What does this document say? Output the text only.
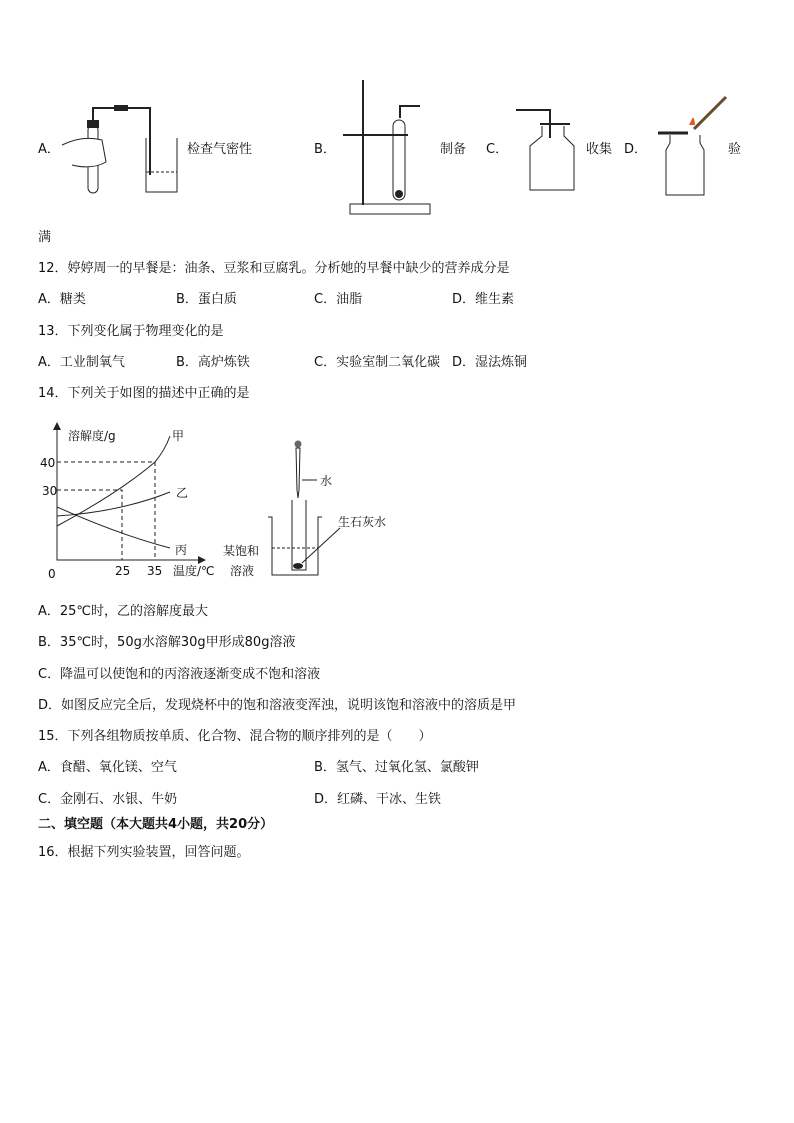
A．	检查气密性	B．	制备 C．	收集 D．	验
满
12．婷婷周一的早餐是：油条、豆浆和豆腐乳。分析她的早餐中缺少的营养成分是
A．糖类	B．蛋白质	C．油脂	D．维生素
13．下列变化属于物理变化的是
A．工业制氧气	B．高炉炼铁	C．实验室制二氧化碳 D．湿法炼铜
14．下列关于如图的描述中正确的是
溶解度/g
0
40
30
25 35 温度/℃
甲
乙
丙
水
生石灰水
某饱和
溶液
A．25℃时，乙的溶解度最大
B．35℃时，50g水溶解30g甲形成80g溶液
C．降温可以使饱和的丙溶液逐渐变成不饱和溶液
D．如图反应完全后，发现烧杯中的饱和溶液变浑浊，说明该饱和溶液中的溶质是甲
15．下列各组物质按单质、化合物、混合物的顺序排列的是（　　）
A．食醋、氧化镁、空气	B．氢气、过氧化氢、氯酸钾
C．金刚石、水银、牛奶	D．红磷、干冰、生铁
二、填空题（本大题共4小题，共20分）
16．根据下列实验装置，回答问题。
